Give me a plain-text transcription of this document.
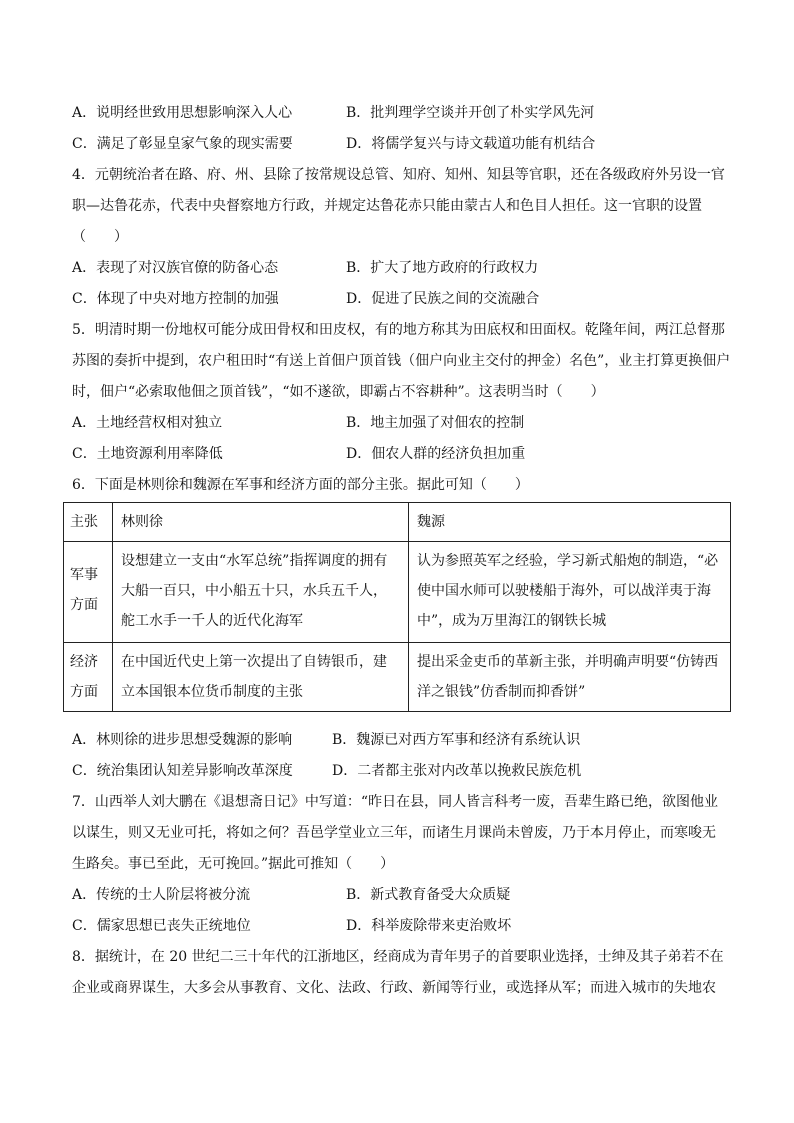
A．说明经世致用思想影响深入人心	B．批判理学空谈并开创了朴实学风先河
C．满足了彰显皇家气象的现实需要	D．将儒学复兴与诗文载道功能有机结合
4．元朝统治者在路、府、州、县除了按常规设总管、知府、知州、知县等官职，还在各级政府外另设一官
职—达鲁花赤，代表中央督察地方行政，并规定达鲁花赤只能由蒙古人和色目人担任。这一官职的设置
（　　）
A．表现了对汉族官僚的防备心态	B．扩大了地方政府的行政权力
C．体现了中央对地方控制的加强	D．促进了民族之间的交流融合
5．明清时期一份地权可能分成田骨权和田皮权，有的地方称其为田底权和田面权。乾隆年间，两江总督那
苏图的奏折中提到，农户租田时“有送上首佃户顶首钱（佃户向业主交付的押金）名色”，业主打算更换佃户
时，佃户“必索取他佃之顶首钱”，“如不遂欲，即霸占不容耕种”。这表明当时（　　）
A．土地经营权相对独立	B．地主加强了对佃农的控制
C．土地资源利用率降低	D．佃农人群的经济负担加重
6．下面是林则徐和魏源在军事和经济方面的部分主张。据此可知（　　）
主张	林则徐	魏源

军事方面	设想建立一支由“水军总统”指挥调度的拥有大船一百只，中小船五十只，水兵五千人，舵工水手一千人的近代化海军	认为参照英军之经验，学习新式船炮的制造，“必使中国水师可以驶楼船于海外，可以战洋夷于海中”，成为万里海江的钢铁长城

经济方面	在中国近代史上第一次提出了自铸银币，建立本国银本位货币制度的主张	提出采金吏币的革新主张，并明确声明要“仿铸西洋之银钱”仿香制而抑香饼”
A．林则徐的进步思想受魏源的影响	B．魏源已对西方军事和经济有系统认识
C．统治集团认知差异影响改革深度	D．二者都主张对内改革以挽救民族危机
7．山西举人刘大鹏在《退想斋日记》中写道：“昨日在县，同人皆言科考一废，吾辈生路已绝，欲图他业
以谋生，则又无业可托，将如之何？吾邑学堂业立三年，而诸生月课尚未曾废，乃于本月停止，而寒唆无
生路矣。事已至此，无可挽回。”据此可推知（　　）
A．传统的士人阶层将被分流	B．新式教育备受大众质疑
C．儒家思想已丧失正统地位	D．科举废除带来吏治败坏
8．据统计，在 20 世纪二三十年代的江浙地区，经商成为青年男子的首要职业选择，士绅及其子弟若不在
企业或商界谋生，大多会从事教育、文化、法政、行政、新闻等行业，或选择从军；而进入城市的失地农
